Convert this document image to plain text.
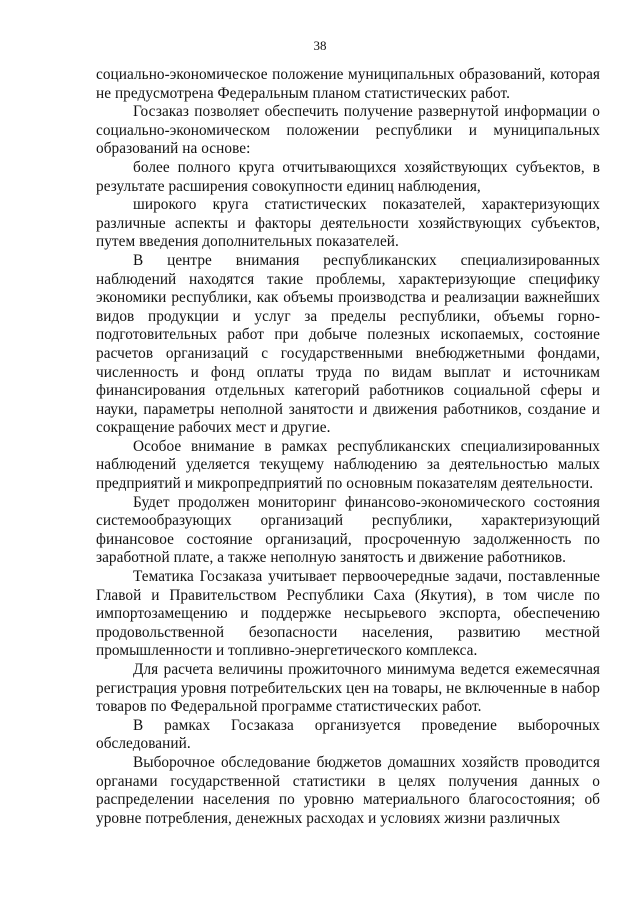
38

социально-экономическое положение муниципальных образований, которая не предусмотрена Федеральным планом статистических работ.

Госзаказ позволяет обеспечить получение развернутой информации о социально-экономическом положении республики и муниципальных образований на основе:

более полного круга отчитывающихся хозяйствующих субъектов, в результате расширения совокупности единиц наблюдения,

широкого круга статистических показателей, характеризующих различные аспекты и факторы деятельности хозяйствующих субъектов, путем введения дополнительных показателей.

В центре внимания республиканских специализированных наблюдений находятся такие проблемы, характеризующие специфику экономики республики, как объемы производства и реализации важнейших видов продукции и услуг за пределы республики, объемы горно-подготовительных работ при добыче полезных ископаемых, состояние расчетов организаций с государственными внебюджетными фондами, численность и фонд оплаты труда по видам выплат и источникам финансирования отдельных категорий работников социальной сферы и науки, параметры неполной занятости и движения работников, создание и сокращение рабочих мест и другие.

Особое внимание в рамках республиканских специализированных наблюдений уделяется текущему наблюдению за деятельностью малых предприятий и микропредприятий по основным показателям деятельности.

Будет продолжен мониторинг финансово-экономического состояния системообразующих организаций республики, характеризующий финансовое состояние организаций, просроченную задолженность по заработной плате, а также неполную занятость и движение работников.

Тематика Госзаказа учитывает первоочередные задачи, поставленные Главой и Правительством Республики Саха (Якутия), в том числе по импортозамещению и поддержке несырьевого экспорта, обеспечению продовольственной безопасности населения, развитию местной промышленности и топливно-энергетического комплекса.

Для расчета величины прожиточного минимума ведется ежемесячная регистрация уровня потребительских цен на товары, не включенные в набор товаров по Федеральной программе статистических работ.

В рамках Госзаказа организуется проведение выборочных обследований.

Выборочное обследование бюджетов домашних хозяйств проводится органами государственной статистики в целях получения данных о распределении населения по уровню материального благосостояния; об уровне потребления, денежных расходах и условиях жизни различных
